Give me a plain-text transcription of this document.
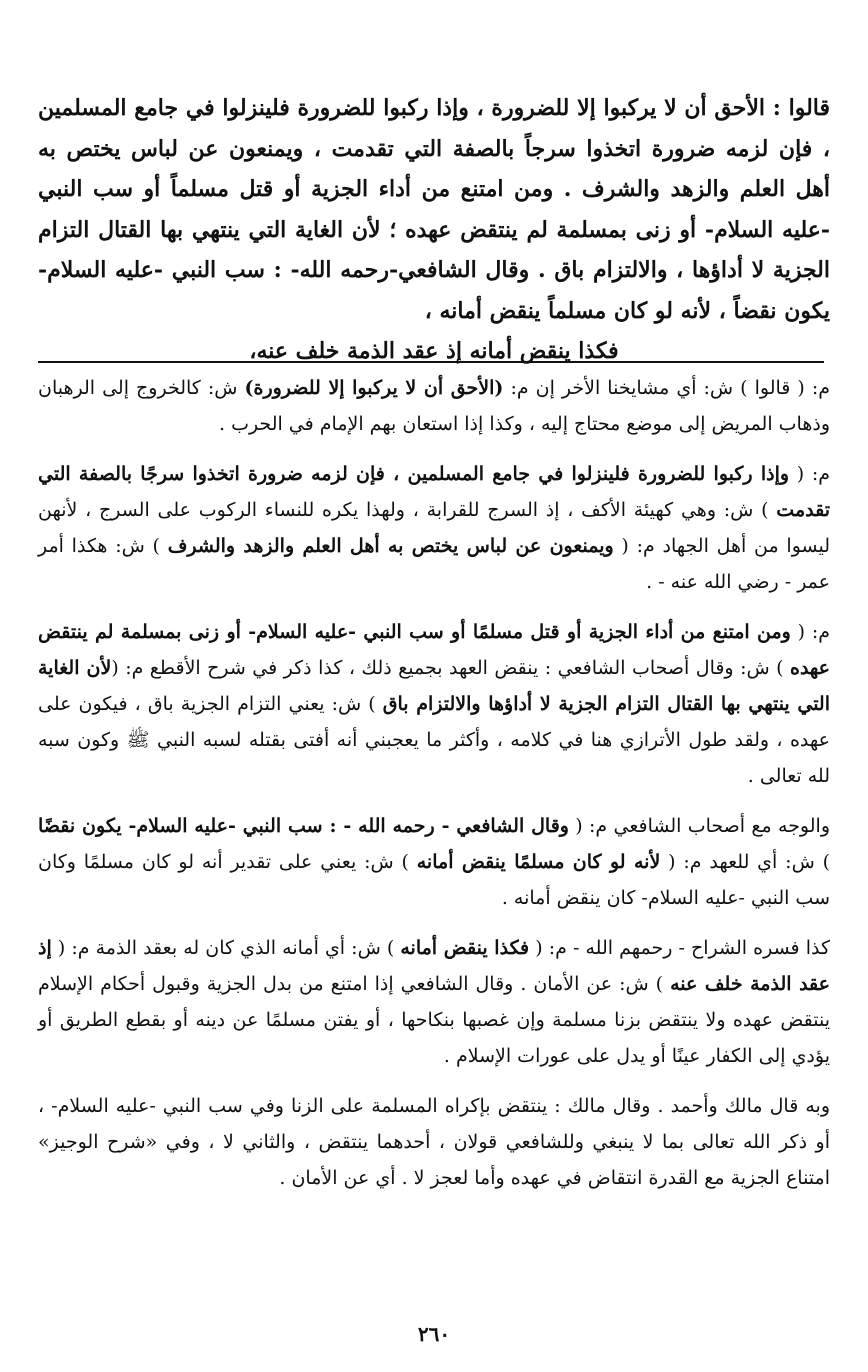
قالوا : الأحق أن لا يركبوا إلا للضرورة ، وإذا ركبوا للضرورة فلينزلوا في جامع المسلمين ، فإن لزمه ضرورة اتخذوا سرجاً بالصفة التي تقدمت ، ويمنعون عن لباس يختص به أهل العلم والزهد والشرف . ومن امتنع من أداء الجزية أو قتل مسلماً أو سب النبي -عليه السلام- أو زنى بمسلمة لم ينتقض عهده ؛ لأن الغاية التي ينتهي بها القتال التزام الجزية لا أداؤها ، والالتزام باق . وقال الشافعي-رحمه الله- : سب النبي -عليه السلام- يكون نقضاً ، لأنه لو كان مسلماً ينقض أمانه ،
فكذا ينقض أمانه إذ عقد الذمة خلف عنه،

م: ( قالوا ) ش: أي مشايخنا الأخر إن م: (الأحق أن لا يركبوا إلا للضرورة) ش: كالخروج إلى الرهبان وذهاب المريض إلى موضع محتاج إليه ، وكذا إذا استعان بهم الإمام في الحرب .

م: ( وإذا ركبوا للضرورة فلينزلوا في جامع المسلمين ، فإن لزمه ضرورة اتخذوا سرجًا بالصفة التي تقدمت ) ش: وهي كهيئة الأكف ، إذ السرج للقرابة ، ولهذا يكره للنساء الركوب على السرج ، لأنهن ليسوا من أهل الجهاد م: ( ويمنعون عن لباس يختص به أهل العلم والزهد والشرف ) ش: هكذا أمر عمر - رضي الله عنه - .

م: ( ومن امتنع من أداء الجزية أو قتل مسلمًا أو سب النبي -عليه السلام- أو زنى بمسلمة لم ينتقض عهده ) ش: وقال أصحاب الشافعي : ينقض العهد بجميع ذلك ، كذا ذكر في شرح الأقطع م: (لأن الغاية التي ينتهي بها القتال التزام الجزية لا أداؤها والالتزام باق ) ش: يعني التزام الجزية باق ، فيكون على عهده ، ولقد طول الأترازي هنا في كلامه ، وأكثر ما يعجبني أنه أفتى بقتله لسبه النبي ﷺ وكون سبه لله تعالى .

والوجه مع أصحاب الشافعي م: ( وقال الشافعي - رحمه الله - : سب النبي -عليه السلام- يكون نقضًا ) ش: أي للعهد م: ( لأنه لو كان مسلمًا ينقض أمانه ) ش: يعني على تقدير أنه لو كان مسلمًا وكان سب النبي -عليه السلام- كان ينقض أمانه .

كذا فسره الشراح - رحمهم الله - م: ( فكذا ينقض أمانه ) ش: أي أمانه الذي كان له بعقد الذمة م: ( إذ عقد الذمة خلف عنه ) ش: عن الأمان . وقال الشافعي إذا امتنع من بدل الجزية وقبول أحكام الإسلام ينتقض عهده ولا ينتقض بزنا مسلمة وإن غصبها بنكاحها ، أو يفتن مسلمًا عن دينه أو بقطع الطريق أو يؤدي إلى الكفار عينًا أو يدل على عورات الإسلام .

وبه قال مالك وأحمد . وقال مالك : ينتقض بإكراه المسلمة على الزنا وفي سب النبي -عليه السلام- ، أو ذكر الله تعالى بما لا ينبغي وللشافعي قولان ، أحدهما ينتقض ، والثاني لا ، وفي «شرح الوجيز» امتناع الجزية مع القدرة انتقاض في عهده وأما لعجز لا . أي عن الأمان .

٢٦٠
